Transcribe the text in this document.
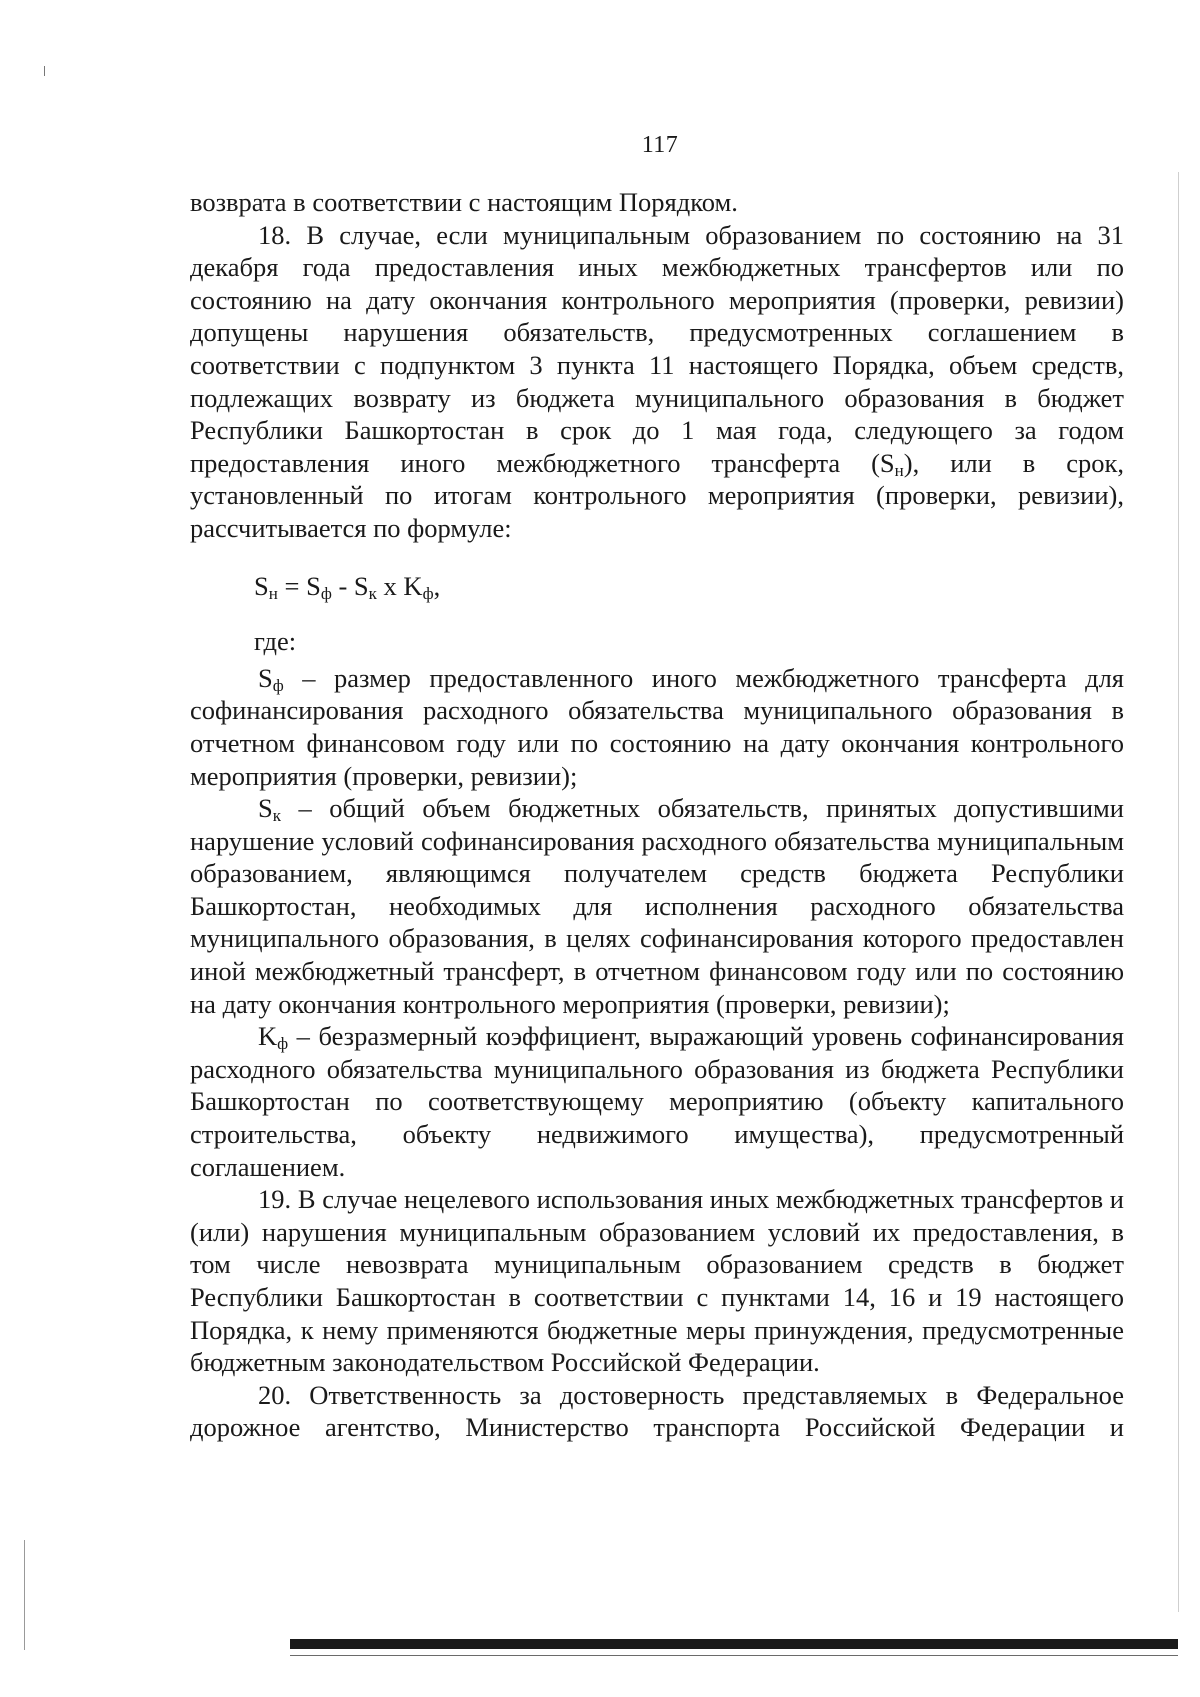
117

возврата в соответствии с настоящим Порядком.

18. В случае, если муниципальным образованием по состоянию на 31 декабря года предоставления иных межбюджетных трансфертов или по состоянию на дату окончания контрольного мероприятия (проверки, ревизии) допущены нарушения обязательств, предусмотренных соглашением в соответствии с подпунктом 3 пункта 11 настоящего Порядка, объем средств, подлежащих возврату из бюджета муниципального образования в бюджет Республики Башкортостан в срок до 1 мая года, следующего за годом предоставления иного межбюджетного трансферта $(S_н)$, или в срок, установленный по итогам контрольного мероприятия (проверки, ревизии), рассчитывается по формуле:

$S_н = S_ф - S_к$ x $K_ф$,

где:

$S_ф$ – размер предоставленного иного межбюджетного трансферта для софинансирования расходного обязательства муниципального образования в отчетном финансовом году или по состоянию на дату окончания контрольного мероприятия (проверки, ревизии);

$S_к$ – общий объем бюджетных обязательств, принятых допустившими нарушение условий софинансирования расходного обязательства муниципальным образованием, являющимся получателем средств бюджета Республики Башкортостан, необходимых для исполнения расходного обязательства муниципального образования, в целях софинансирования которого предоставлен иной межбюджетный трансферт, в отчетном финансовом году или по состоянию на дату окончания контрольного мероприятия (проверки, ревизии);

$K_ф$ – безразмерный коэффициент, выражающий уровень софинансирования расходного обязательства муниципального образования из бюджета Республики Башкортостан по соответствующему мероприятию (объекту капитального строительства, объекту недвижимого имущества), предусмотренный соглашением.

19. В случае нецелевого использования иных межбюджетных трансфертов и (или) нарушения муниципальным образованием условий их предоставления, в том числе невозврата муниципальным образованием средств в бюджет Республики Башкортостан в соответствии с пунктами 14, 16 и 19 настоящего Порядка, к нему применяются бюджетные меры принуждения, предусмотренные бюджетным законодательством Российской Федерации.

20. Ответственность за достоверность представляемых в Федеральное дорожное агентство, Министерство транспорта Российской Федерации и
